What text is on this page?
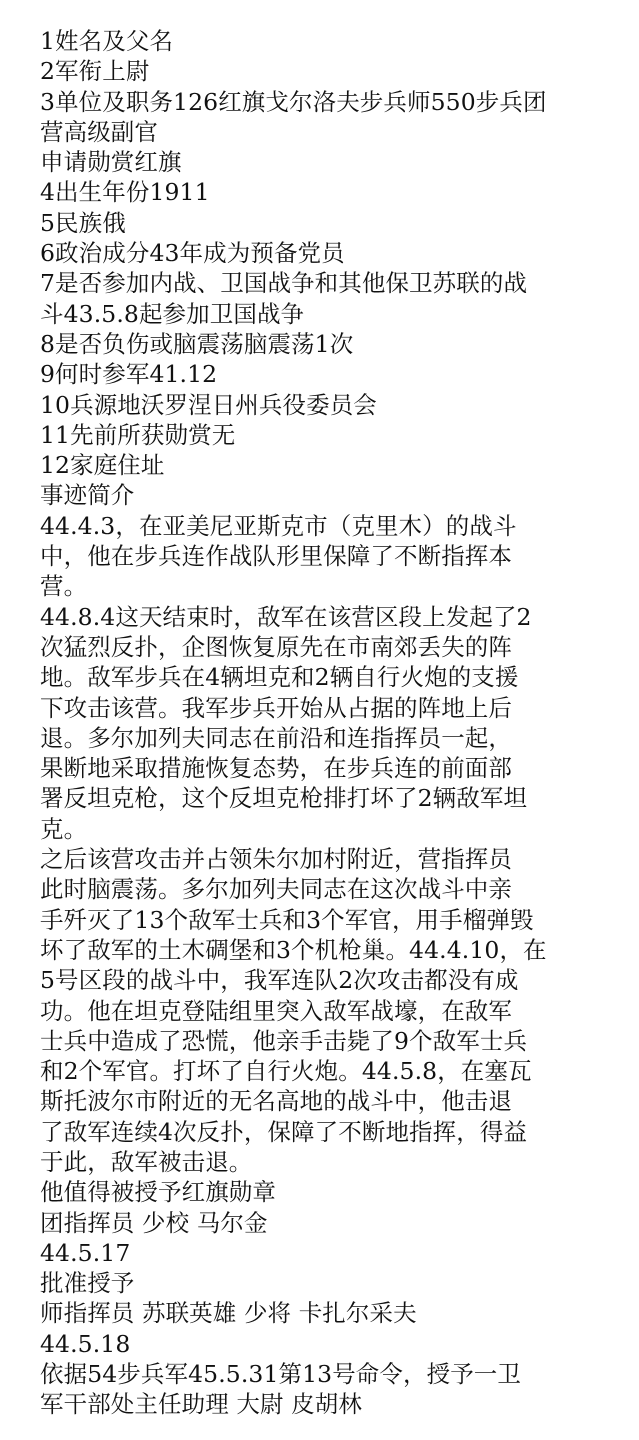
1姓名及父名
2军衔上尉
3单位及职务126红旗戈尔洛夫步兵师550步兵团
营高级副官
申请勋赏红旗
4出生年份1911
5民族俄
6政治成分43年成为预备党员
7是否参加内战、卫国战争和其他保卫苏联的战
斗43.5.8起参加卫国战争
8是否负伤或脑震荡脑震荡1次
9何时参军41.12
10兵源地沃罗涅日州兵役委员会
11先前所获勋赏无
12家庭住址
事迹简介
44.4.3，在亚美尼亚斯克市（克里木）的战斗
中，他在步兵连作战队形里保障了不断指挥本
营。
44.8.4这天结束时，敌军在该营区段上发起了2
次猛烈反扑，企图恢复原先在市南郊丢失的阵
地。敌军步兵在4辆坦克和2辆自行火炮的支援
下攻击该营。我军步兵开始从占据的阵地上后
退。多尔加列夫同志在前沿和连指挥员一起，
果断地采取措施恢复态势，在步兵连的前面部
署反坦克枪，这个反坦克枪排打坏了2辆敌军坦
克。
之后该营攻击并占领朱尔加村附近，营指挥员
此时脑震荡。多尔加列夫同志在这次战斗中亲
手歼灭了13个敌军士兵和3个军官，用手榴弹毁
坏了敌军的土木碉堡和3个机枪巢。44.4.10，在
5号区段的战斗中，我军连队2次攻击都没有成
功。他在坦克登陆组里突入敌军战壕，在敌军
士兵中造成了恐慌，他亲手击毙了9个敌军士兵
和2个军官。打坏了自行火炮。44.5.8，在塞瓦
斯托波尔市附近的无名高地的战斗中，他击退
了敌军连续4次反扑，保障了不断地指挥，得益
于此，敌军被击退。
他值得被授予红旗勋章
团指挥员 少校 马尔金
44.5.17
批准授予
师指挥员 苏联英雄 少将 卡扎尔采夫
44.5.18
依据54步兵军45.5.31第13号命令，授予一卫
军干部处主任助理 大尉 皮胡林
